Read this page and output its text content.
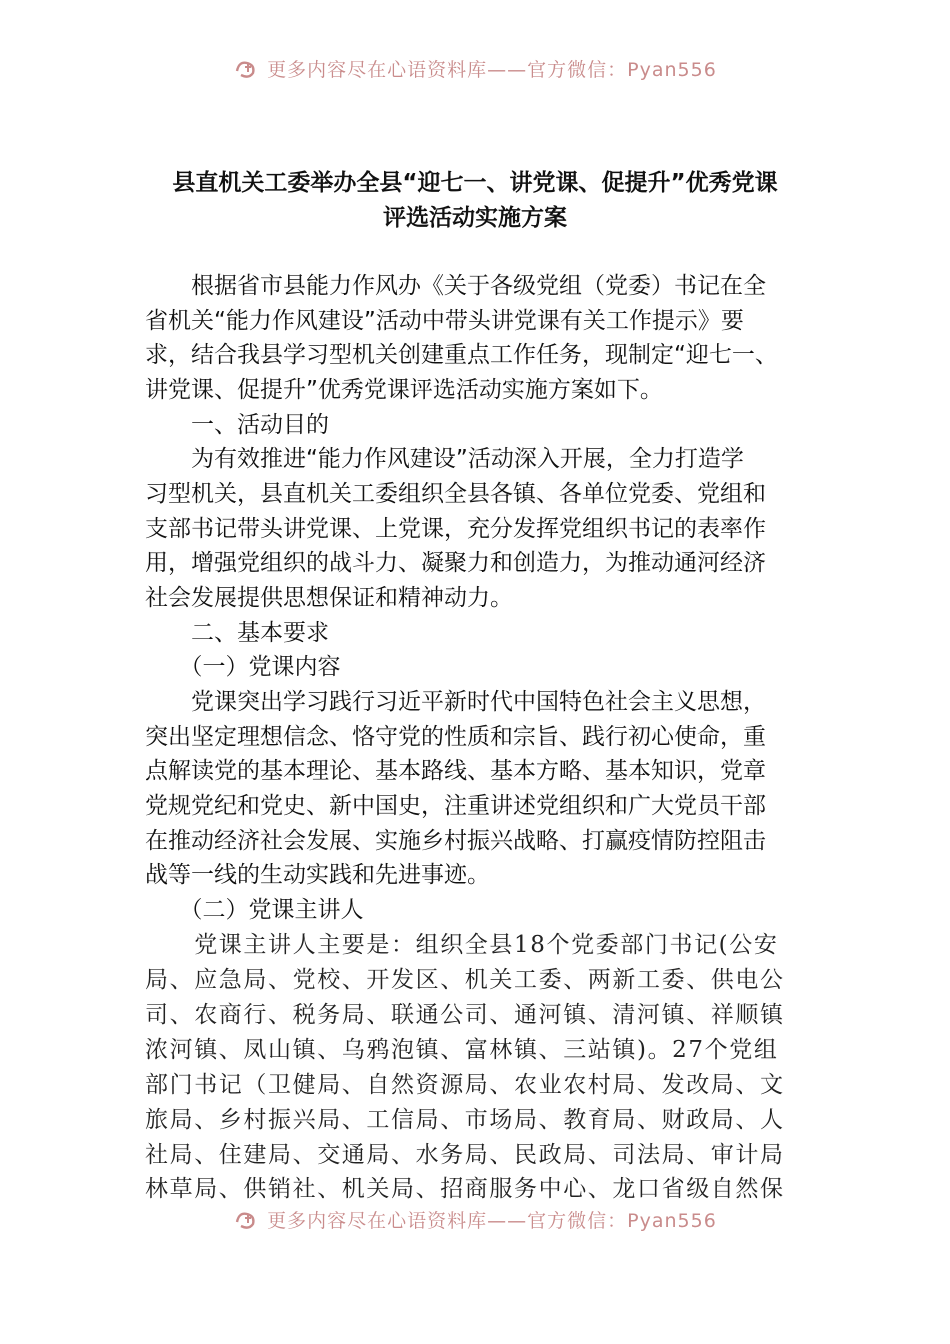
更多内容尽在心语资料库——官方微信：Pyan556
县直机关工委举办全县“迎七一、讲党课、促提升”优秀党课
评选活动实施方案
　　根据省市县能力作风办《关于各级党组（党委）书记在全
省机关“能力作风建设”活动中带头讲党课有关工作提示》要
求，结合我县学习型机关创建重点工作任务，现制定“迎七一、
讲党课、促提升”优秀党课评选活动实施方案如下。
　　一、活动目的
　　为有效推进“能力作风建设”活动深入开展，全力打造学
习型机关，县直机关工委组织全县各镇、各单位党委、党组和
支部书记带头讲党课、上党课，充分发挥党组织书记的表率作
用，增强党组织的战斗力、凝聚力和创造力，为推动通河经济
社会发展提供思想保证和精神动力。
　　二、基本要求
　　（一）党课内容
　　党课突出学习践行习近平新时代中国特色社会主义思想，
突出坚定理想信念、恪守党的性质和宗旨、践行初心使命，重
点解读党的基本理论、基本路线、基本方略、基本知识，党章
党规党纪和党史、新中国史，注重讲述党组织和广大党员干部
在推动经济社会发展、实施乡村振兴战略、打赢疫情防控阻击
战等一线的生动实践和先进事迹。
　　（二）党课主讲人
　　党课主讲人主要是：组织全县18个党委部门书记(公安
局、应急局、党校、开发区、机关工委、两新工委、供电公
司、农商行、税务局、联通公司、通河镇、清河镇、祥顺镇
浓河镇、凤山镇、乌鸦泡镇、富林镇、三站镇)。27个党组
部门书记（卫健局、自然资源局、农业农村局、发改局、文
旅局、乡村振兴局、工信局、市场局、教育局、财政局、人
社局、住建局、交通局、水务局、民政局、司法局、审计局
林草局、供销社、机关局、招商服务中心、龙口省级自然保
更多内容尽在心语资料库——官方微信：Pyan556
